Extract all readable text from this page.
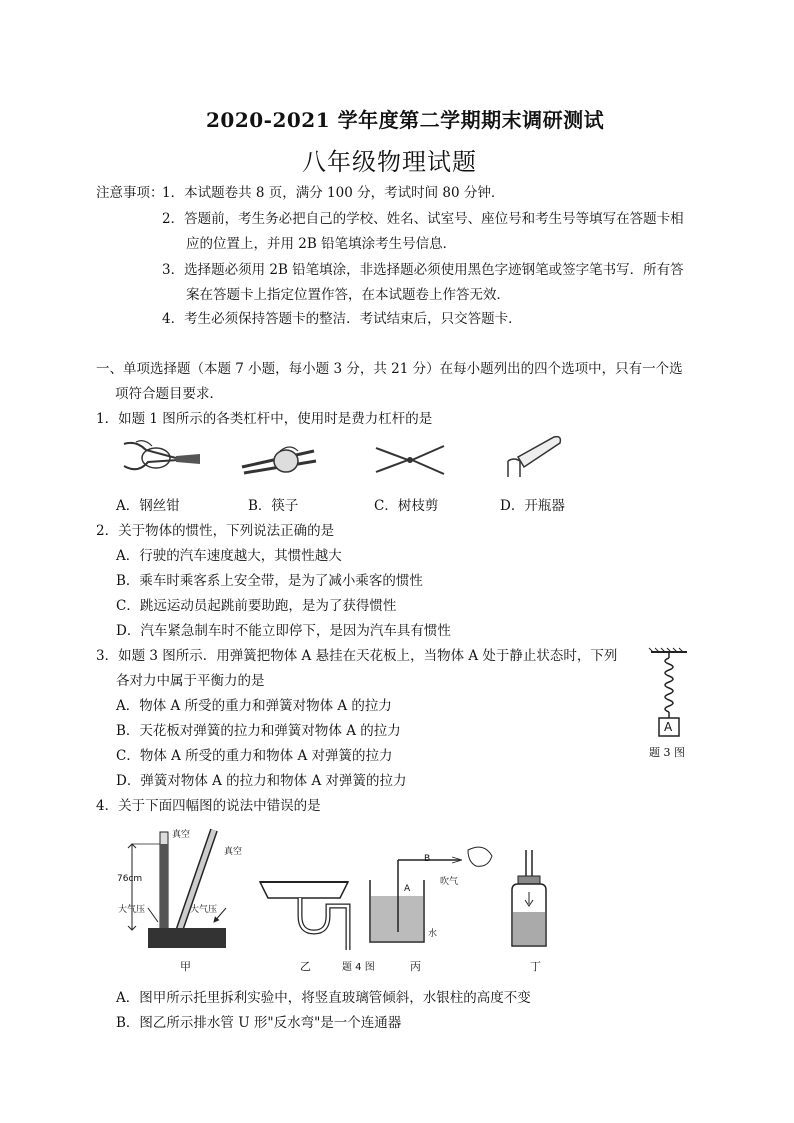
2020-2021 学年度第二学期期末调研测试
八年级物理试题
注意事项：
1．本试题卷共 8 页，满分 100 分，考试时间 80 分钟．
2．答题前，考生务必把自己的学校、姓名、试室号、座位号和考生号等填写在答题卡相
应的位置上，并用 2B 铅笔填涂考生号信息．
3．选择题必须用 2B 铅笔填涂，非选择题必须使用黑色字迹钢笔或签字笔书写．所有答
案在答题卡上指定位置作答，在本试题卷上作答无效．
4．考生必须保持答题卡的整洁．考试结束后，只交答题卡．
一、单项选择题（本题 7 小题，每小题 3 分，共 21 分）在每小题列出的四个选项中，只有一个选
项符合题目要求．
1．如题 1 图所示的各类杠杆中，使用时是费力杠杆的是
A．钢丝钳	B．筷子	C．树枝剪	D．开瓶器
2．关于物体的惯性，下列说法正确的是
A．行驶的汽车速度越大，其惯性越大
B．乘车时乘客系上安全带，是为了减小乘客的惯性
C．跳远运动员起跳前要助跑，是为了获得惯性
D．汽车紧急制车时不能立即停下，是因为汽车具有惯性
3．如题 3 图所示．用弹簧把物体 A 悬挂在天花板上，当物体 A 处于静止状态时，下列
各对力中属于平衡力的是
A．物体 A 所受的重力和弹簧对物体 A 的拉力
B．天花板对弹簧的拉力和弹簧对物体 A 的拉力
C．物体 A 所受的重力和物体 A 对弹簧的拉力
D．弹簧对物体 A 的拉力和物体 A 对弹簧的拉力
A
题 3 图
4．关于下面四幅图的说法中错误的是
真空
真空
76cm
大气压	大气压
甲	乙
B
吹气
A
水
题 4 图	丙	丁
A．图甲所示托里拆利实验中，将竖直玻璃管倾斜，水银柱的高度不变
B．图乙所示排水管 U 形"反水弯"是一个连通器
